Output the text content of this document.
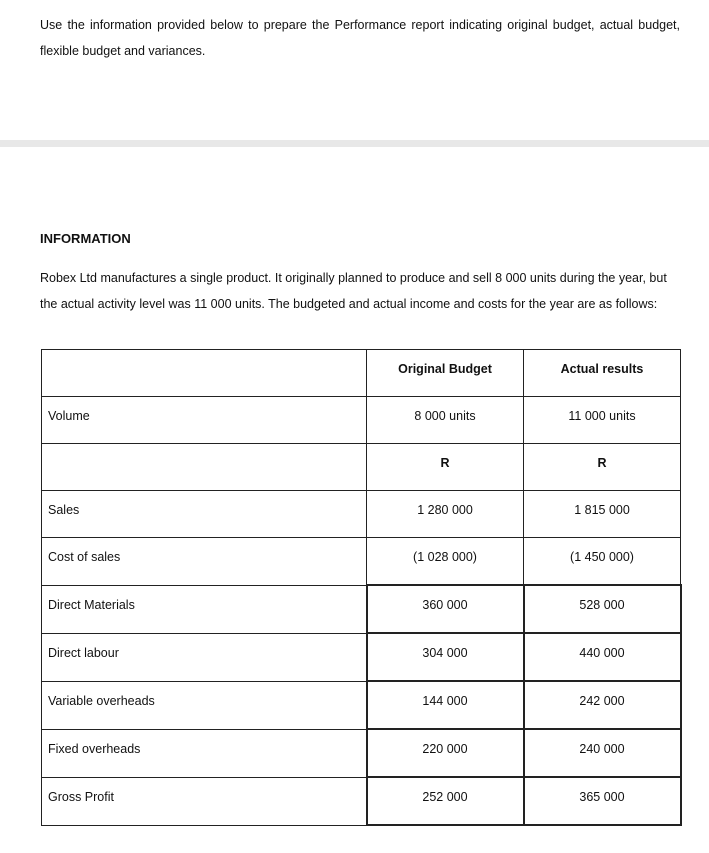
Use the information provided below to prepare the Performance report indicating original budget, actual budget, flexible budget and variances.

INFORMATION

Robex Ltd manufactures a single product. It originally planned to produce and sell 8 000 units during the year, but the actual activity level was 11 000 units. The budgeted and actual income and costs for the year are as follows:

	Original Budget	Actual results
Volume	8 000 units	11 000 units
	R	R
Sales	1 280 000	1 815 000
Cost of sales	(1 028 000)	(1 450 000)
Direct Materials	360 000	528 000
Direct labour	304 000	440 000
Variable overheads	144 000	242 000
Fixed overheads	220 000	240 000
Gross Profit	252 000	365 000
